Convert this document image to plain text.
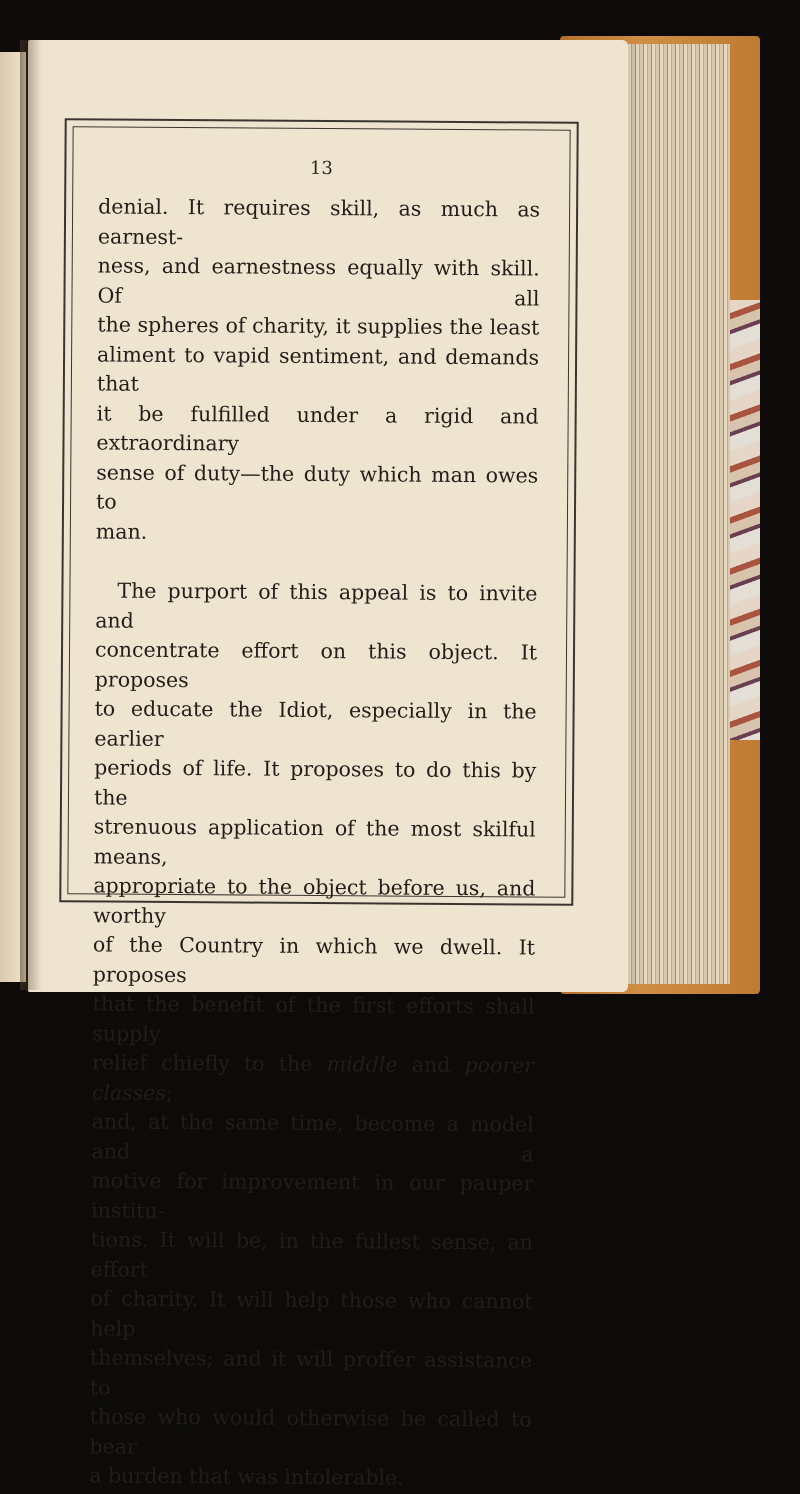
13

denial. It requires skill, as much as earnest-
ness, and earnestness equally with skill. Of all
the spheres of charity, it supplies the least
aliment to vapid sentiment, and demands that
it be fulfilled under a rigid and extraordinary
sense of duty—the duty which man owes to

man.

The purport of this appeal is to invite and
concentrate effort on this object. It proposes
to educate the Idiot, especially in the earlier
periods of life. It proposes to do this by the
strenuous application of the most skilful means,
appropriate to the object before us, and worthy
of the Country in which we dwell. It proposes
that the benefit of the first efforts shall supply
relief chiefly to the middle and poorer classes;
and, at the same time, become a model and a
motive for improvement in our pauper institu-
tions. It will be, in the fullest sense, an effort
of charity. It will help those who cannot help
themselves; and it will proffer assistance to
those who would otherwise be called to bear

a burden that was intolerable.
